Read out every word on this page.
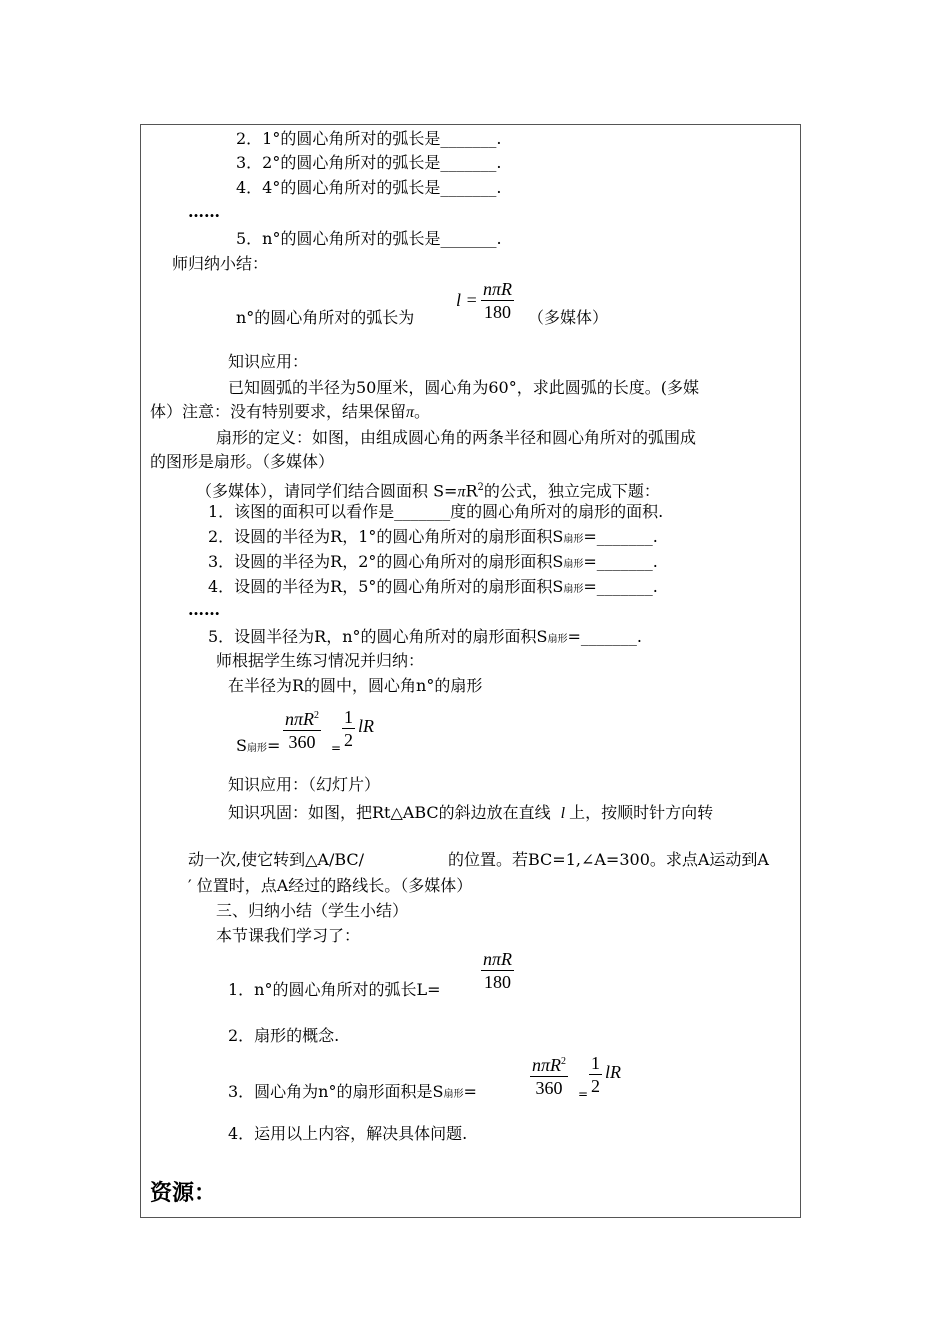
2．1°的圆心角所对的弧长是_______.
3．2°的圆心角所对的弧长是_______.
4．4°的圆心角所对的弧长是_______.
……
5．n°的圆心角所对的弧长是_______.
师归纳小结：
l =
nπR
180
n°的圆心角所对的弧长为	（多媒体）
知识应用：
已知圆弧的半径为50厘米，圆心角为60°，求此圆弧的长度。(多媒
体）注意：没有特别要求，结果保留π。
扇形的定义：如图，由组成圆心角的两条半径和圆心角所对的弧围成
的图形是扇形。（多媒体）
（多媒体），请同学们结合圆面积 $S=\pi R^2$的公式，独立完成下题：
1．该图的面积可以看作是_______度的圆心角所对的扇形的面积.
2．设圆的半径为R，1°的圆心角所对的扇形面积S扇形=_______.
3．设圆的半径为R，2°的圆心角所对的扇形面积S扇形=_______.
4．设圆的半径为R，5°的圆心角所对的扇形面积S扇形=_______.
……
5．设圆半径为R，n°的圆心角所对的扇形面积S扇形=_______.
师根据学生练习情况并归纳：
在半径为R的圆中，圆心角n°的扇形
S扇形=
nπR$^2$
360	=
1
2
lR
知识应用：（幻灯片）
知识巩固：如图，把Rt△ABC的斜边放在直线 l 上，按顺时针方向转
动一次,使它转到△A/BC/	的位置。若BC=1,∠A=300。求点A运动到A
′ 位置时，点A经过的路线长。（多媒体）
三、归纳小结（学生小结）
本节课我们学习了：
nπR
180
1．n°的圆心角所对的弧长L=
2．扇形的概念.
nπR$^2$
360	=
1
2
lR
3．圆心角为n°的扇形面积是S扇形=
4．运用以上内容，解决具体问题.
资源：
